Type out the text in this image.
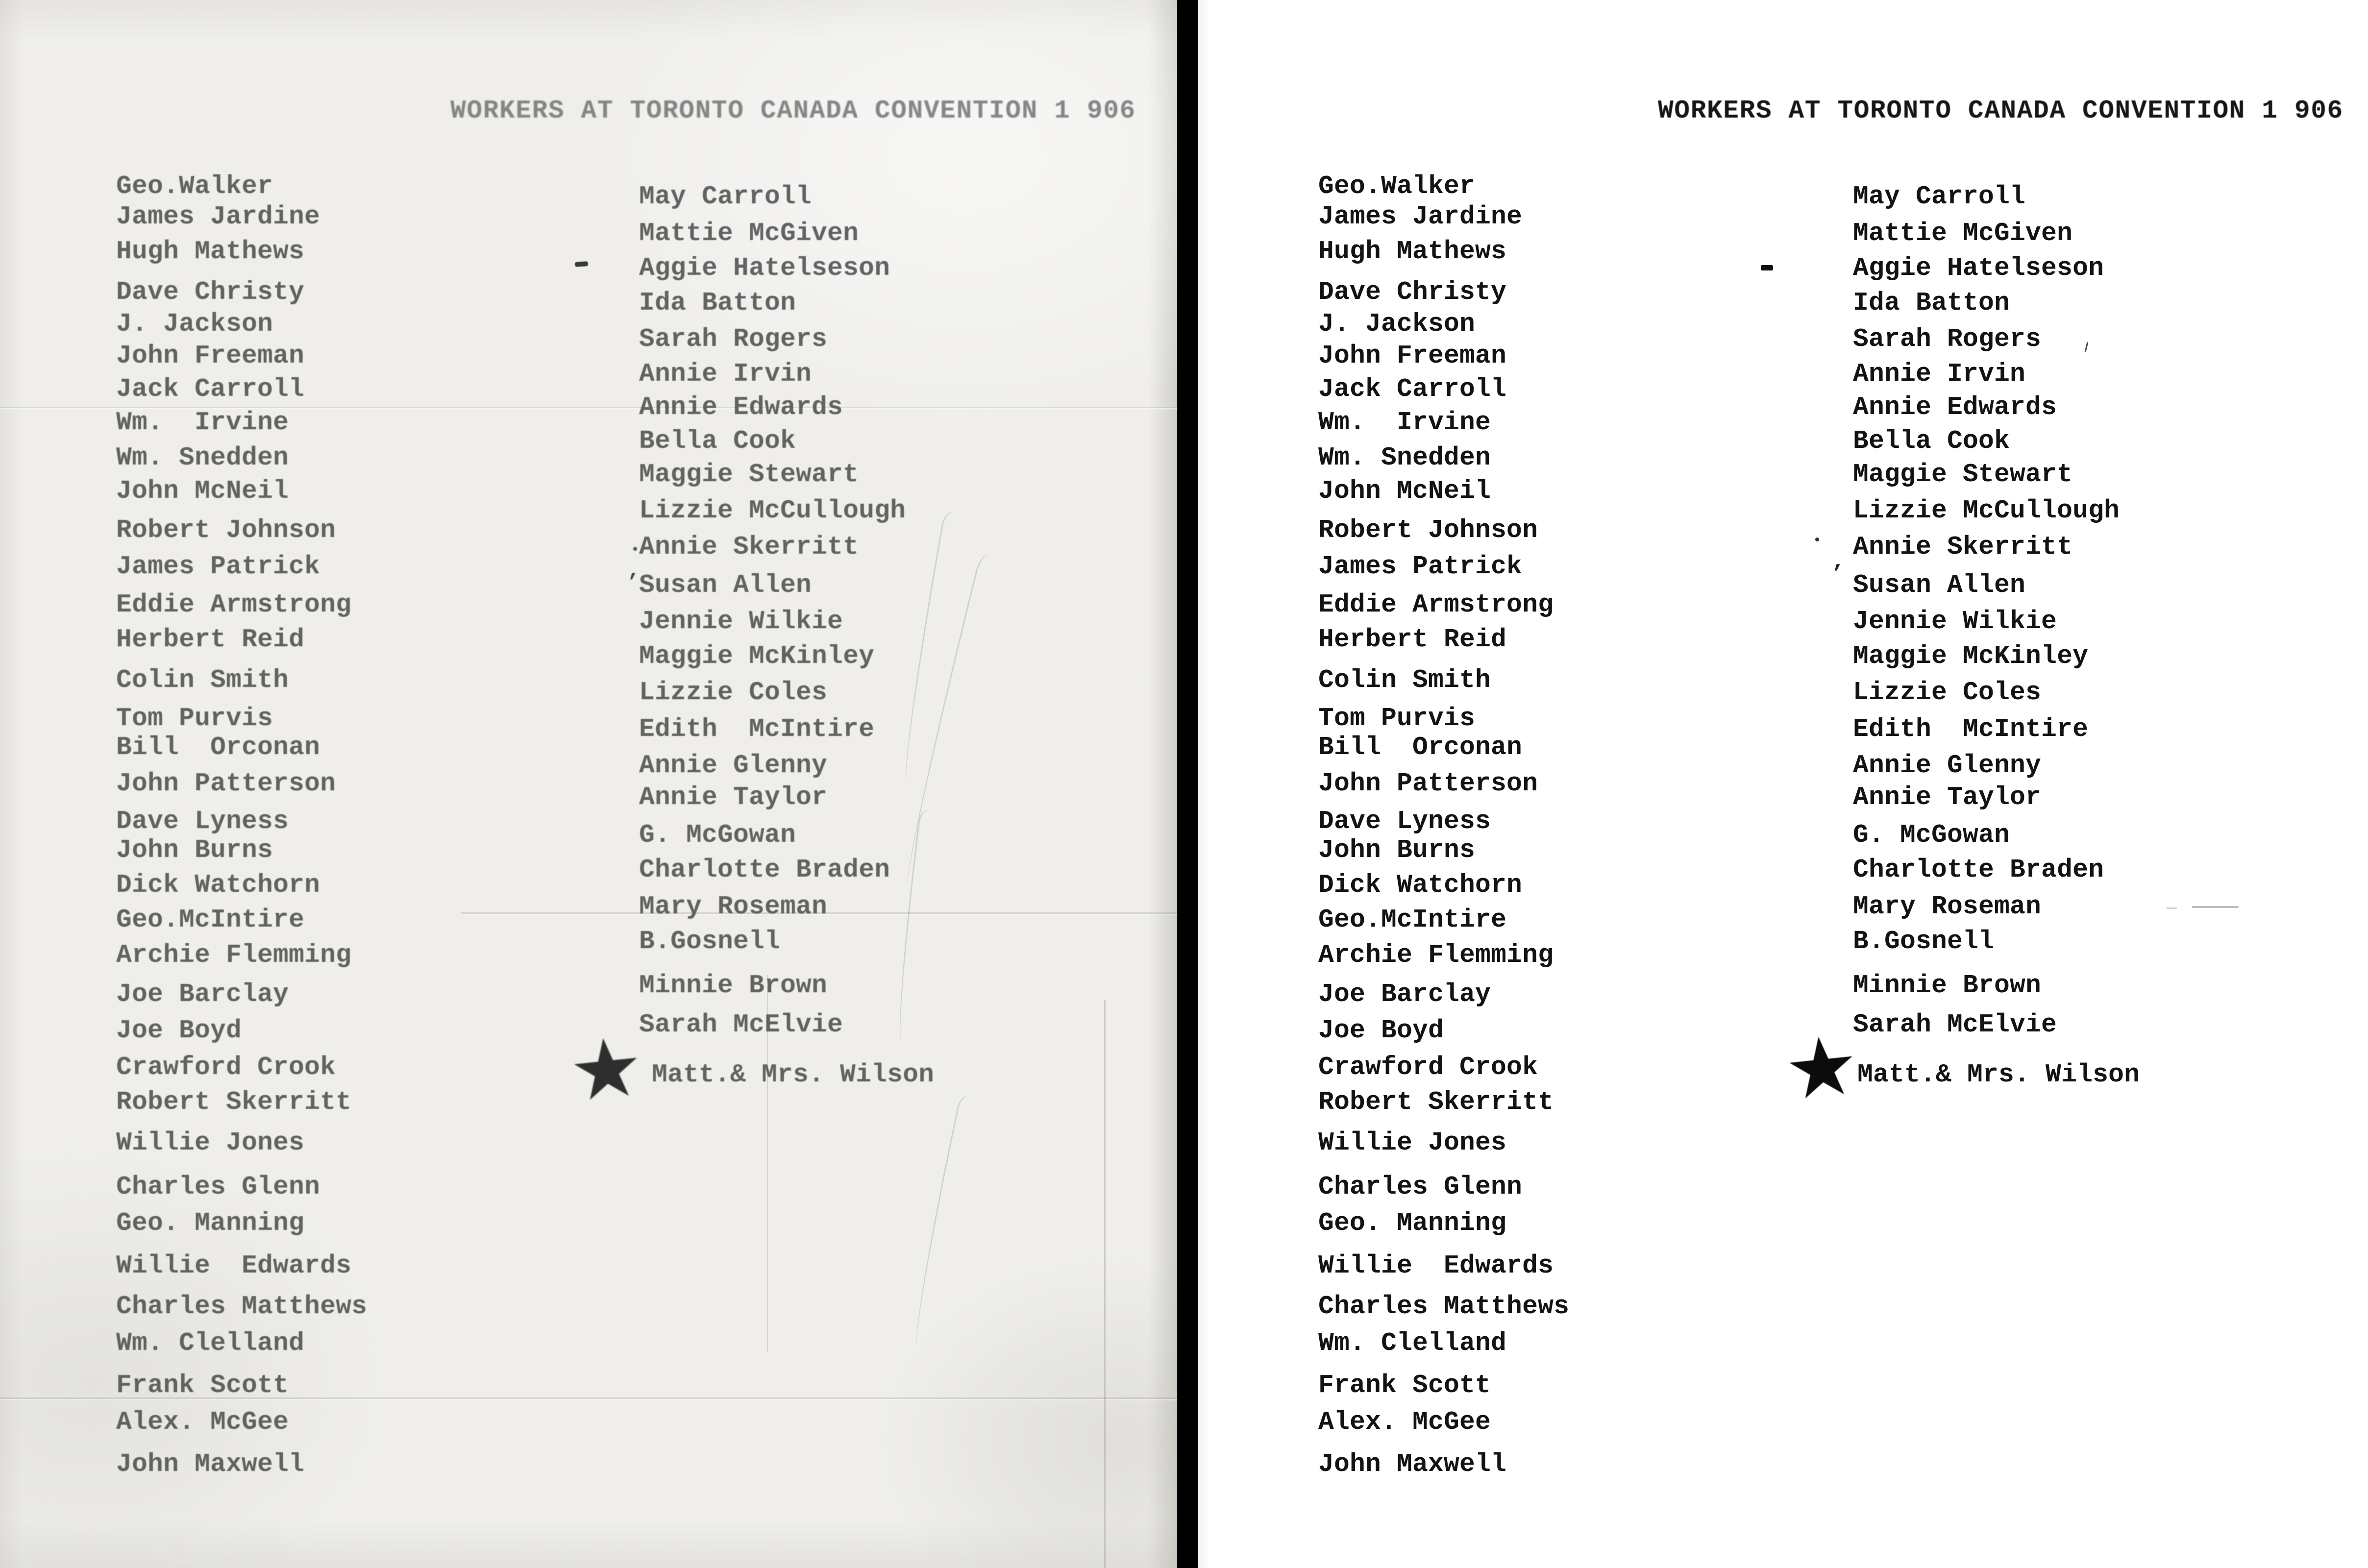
’	’
WORKERS AT TORONTO CANADA CONVENTION 1 906
Geo.Walker
James Jardine
Hugh Mathews
Dave Christy
J. Jackson
John Freeman
Jack Carroll
Wm.  Irvine
Wm. Snedden
John McNeil
Robert Johnson
James Patrick
Eddie Armstrong
Herbert Reid
Colin Smith
Tom Purvis
Bill  Orconan
John Patterson
Dave Lyness
John Burns
Dick Watchorn
Geo.McIntire
Archie Flemming
Joe Barclay
Joe Boyd
Crawford Crook
Robert Skerritt
Willie Jones
Charles Glenn
Geo. Manning
Willie  Edwards
Charles Matthews
Wm. Clelland
Frank Scott
Alex. McGee
John Maxwell
May Carroll
Mattie McGiven
Aggie Hatelseson
Ida Batton
Sarah Rogers
Annie Irvin
Annie Edwards
Bella Cook
Maggie Stewart
Lizzie McCullough
Annie Skerritt
Susan Allen
Jennie Wilkie
Maggie McKinley
Lizzie Coles
Edith  McIntire
Annie Glenny
Annie Taylor
G. McGowan
Charlotte Braden
Mary Roseman
B.Gosnell
Minnie Brown
Sarah McElvie
Matt.& Mrs. Wilson
★
WORKERS AT TORONTO CANADA CONVENTION 1 906
Geo.Walker
James Jardine
Hugh Mathews
Dave Christy
J. Jackson
John Freeman
Jack Carroll
Wm.  Irvine
Wm. Snedden
John McNeil
Robert Johnson
James Patrick
Eddie Armstrong
Herbert Reid
Colin Smith
Tom Purvis
Bill  Orconan
John Patterson
Dave Lyness
John Burns
Dick Watchorn
Geo.McIntire
Archie Flemming
Joe Barclay
Joe Boyd
Crawford Crook
Robert Skerritt
Willie Jones
Charles Glenn
Geo. Manning
Willie  Edwards
Charles Matthews
Wm. Clelland
Frank Scott
Alex. McGee
John Maxwell
May Carroll
Mattie McGiven
Aggie Hatelseson
Ida Batton
Sarah Rogers
Annie Irvin
Annie Edwards
Bella Cook
Maggie Stewart
Lizzie McCullough
Annie Skerritt
Susan Allen
Jennie Wilkie
Maggie McKinley
Lizzie Coles
Edith  McIntire
Annie Glenny
Annie Taylor
G. McGowan
Charlotte Braden
Mary Roseman
B.Gosnell
Minnie Brown
Sarah McElvie
Matt.& Mrs. Wilson
★
